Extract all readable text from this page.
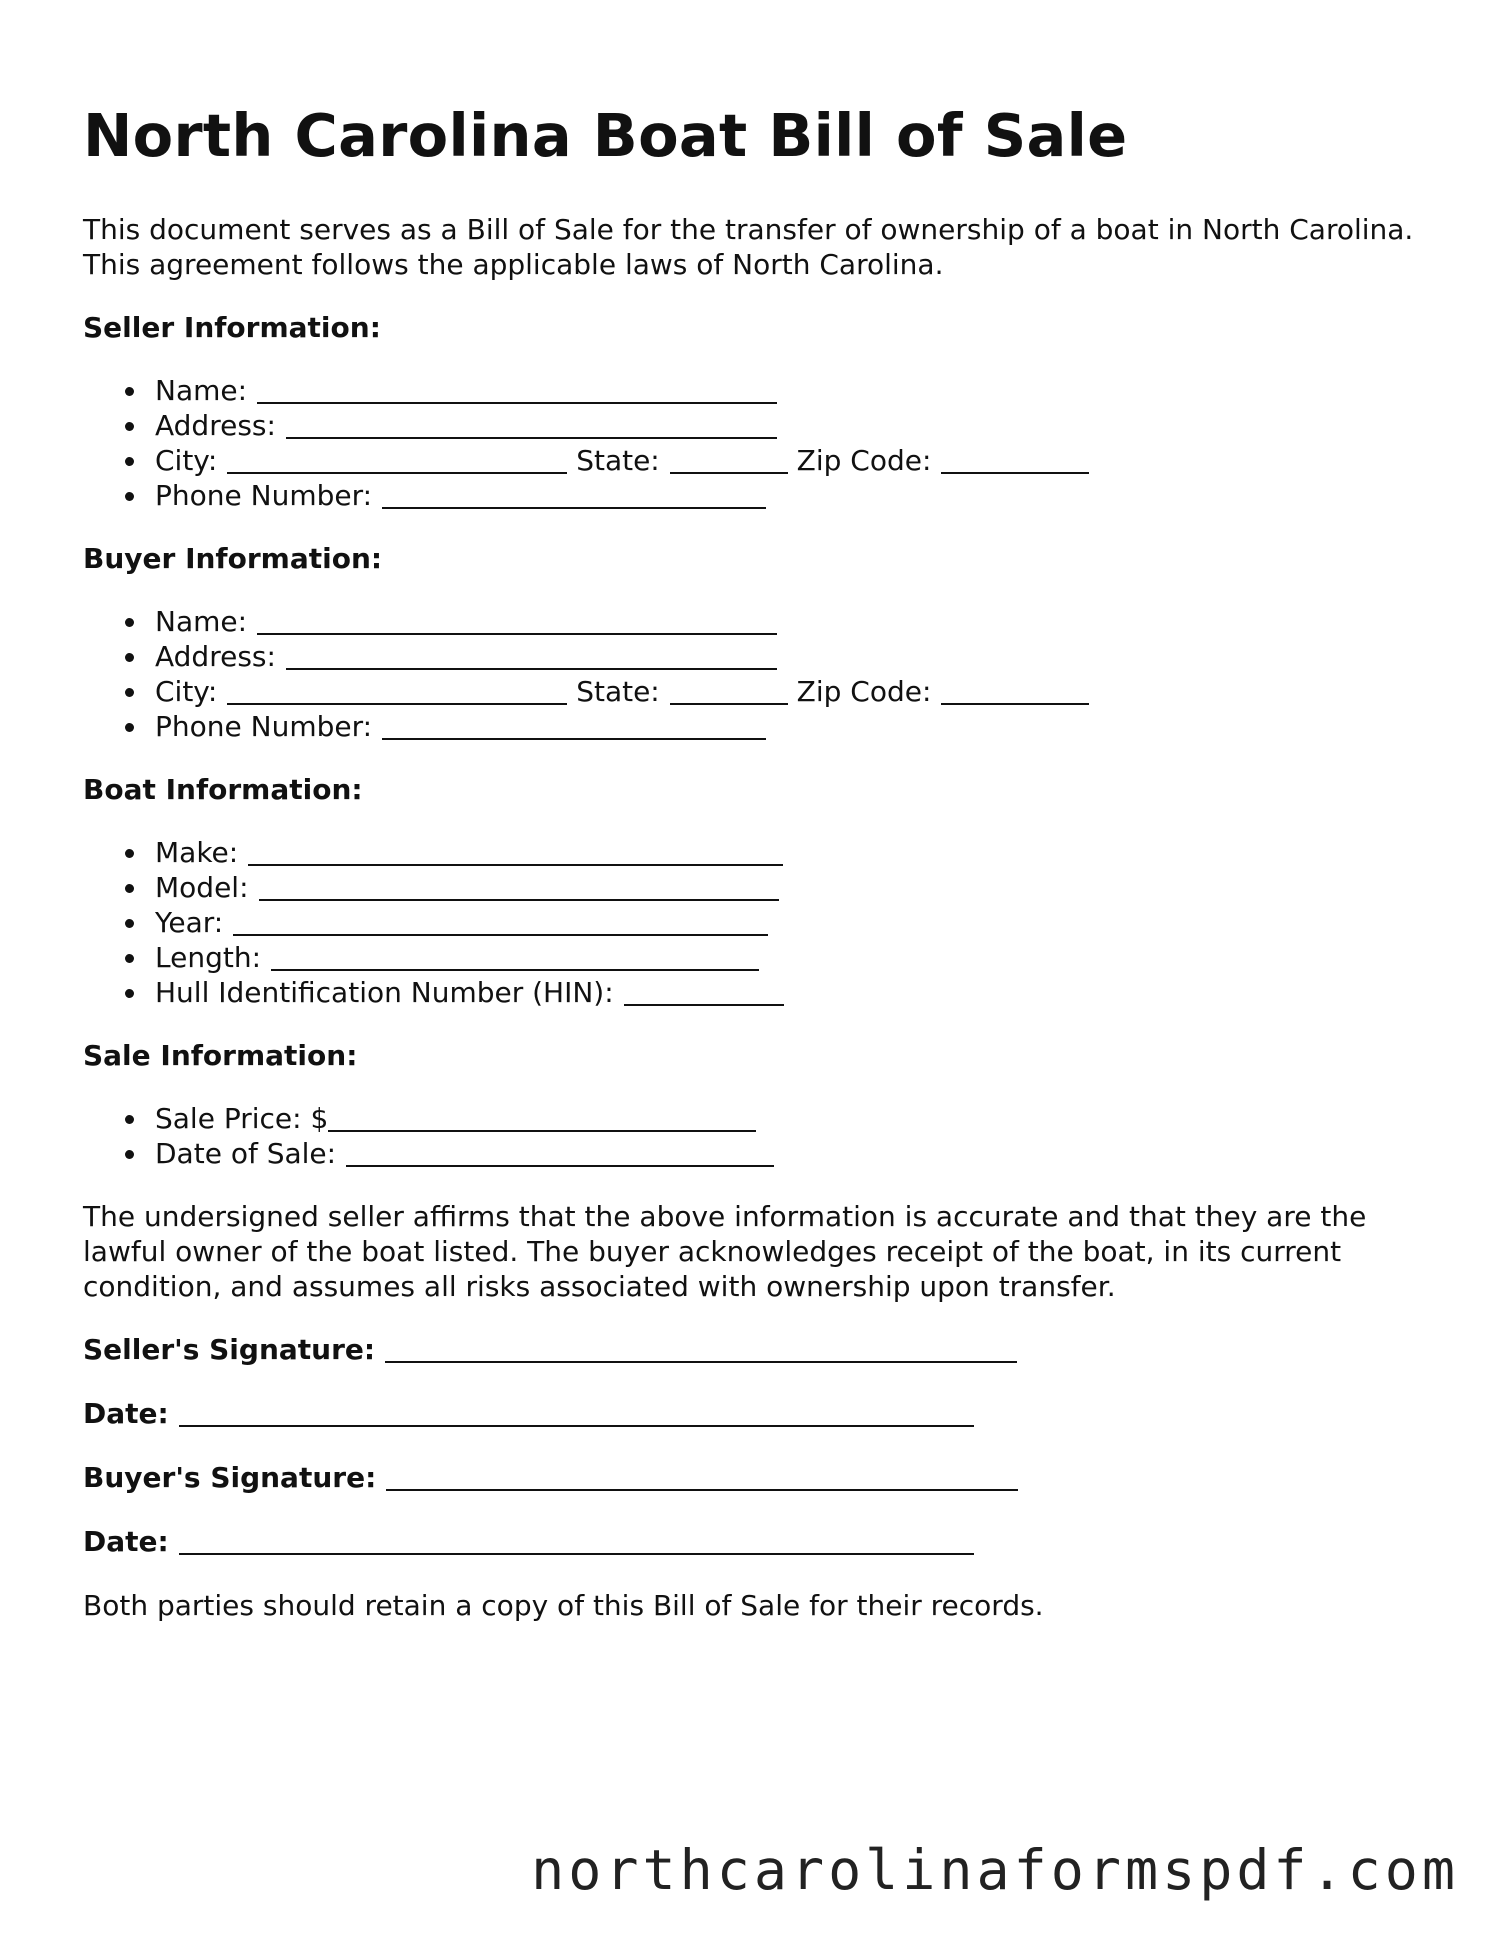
North Carolina Boat Bill of Sale

This document serves as a Bill of Sale for the transfer of ownership of a boat in North Carolina. This agreement follows the applicable laws of North Carolina.

Seller Information:
Name:
Address:
City:	State:	Zip Code:
Phone Number:
Buyer Information:
Name:
Address:
City:	State:	Zip Code:
Phone Number:
Boat Information:
Make:
Model:
Year:
Length:
Hull Identification Number (HIN):
Sale Information:
Sale Price: $
Date of Sale:

The undersigned seller affirms that the above information is accurate and that they are the lawful owner of the boat listed. The buyer acknowledges receipt of the boat, in its current condition, and assumes all risks associated with ownership upon transfer.

Seller's Signature:
Date:
Buyer's Signature:
Date:

Both parties should retain a copy of this Bill of Sale for their records.

northcarolinaformspdf.com
